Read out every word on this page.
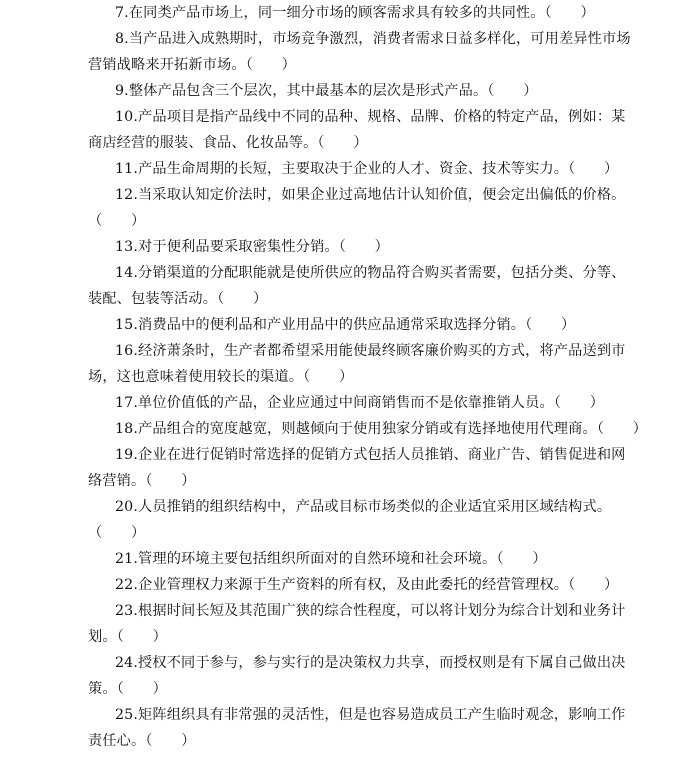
7.在同类产品市场上，同一细分市场的顾客需求具有较多的共同性。（　　）
8.当产品进入成熟期时，市场竞争激烈，消费者需求日益多样化，可用差异性市场
营销战略来开拓新市场。（　　）
9.整体产品包含三个层次，其中最基本的层次是形式产品。（　　）
10.产品项目是指产品线中不同的品种、规格、品牌、价格的特定产品，例如：某
商店经营的服装、食品、化妆品等。（　　）
11.产品生命周期的长短，主要取决于企业的人才、资金、技术等实力。（　　）
12.当采取认知定价法时，如果企业过高地估计认知价值，便会定出偏低的价格。
（　　）
13.对于便利品要采取密集性分销。（　　）
14.分销渠道的分配职能就是使所供应的物品符合购买者需要，包括分类、分等、
装配、包装等活动。（　　）
15.消费品中的便利品和产业用品中的供应品通常采取选择分销。（　　）
16.经济萧条时，生产者都希望采用能使最终顾客廉价购买的方式，将产品送到市
场，这也意味着使用较长的渠道。（　　）
17.单位价值低的产品，企业应通过中间商销售而不是依靠推销人员。（　　）
18.产品组合的宽度越宽，则越倾向于使用独家分销或有选择地使用代理商。（　　）
19.企业在进行促销时常选择的促销方式包括人员推销、商业广告、销售促进和网
络营销。（　　）
20.人员推销的组织结构中，产品或目标市场类似的企业适宜采用区域结构式。
（　　）
21.管理的环境主要包括组织所面对的自然环境和社会环境。（　　）
22.企业管理权力来源于生产资料的所有权，及由此委托的经营管理权。（　　）
23.根据时间长短及其范围广狭的综合性程度，可以将计划分为综合计划和业务计
划。（　　）
24.授权不同于参与，参与实行的是决策权力共享，而授权则是有下属自己做出决
策。（　　）
25.矩阵组织具有非常强的灵活性，但是也容易造成员工产生临时观念，影响工作
责任心。（　　）
